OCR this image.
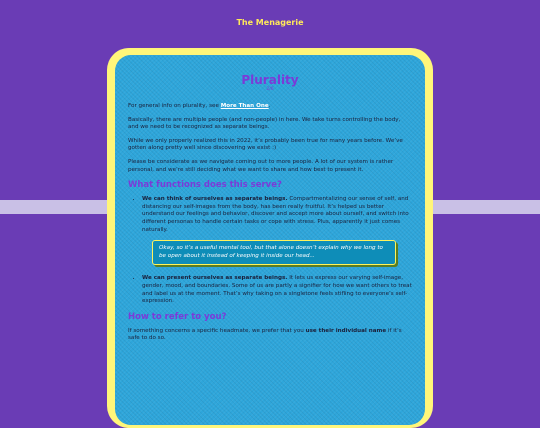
The Menagerie
Plurality
2/6

For general info on plurality, see More Than One.

Basically, there are multiple people (and non-people) in here. We take turns controlling the body, and we need to be recognized as separate beings.

While we only properly realized this in 2022, it’s probably been true for many years before. We’ve gotten along pretty well since discovering we exist :)

Please be considerate as we navigate coming out to more people. A lot of our system is rather personal, and we’re still deciding what we want to share and how best to present it.

What functions does this serve?
• We can think of ourselves as separate beings. Compartmentalizing our sense of self, and distancing our self-images from the body, has been really fruitful. It’s helped us better understand our feelings and behavior, discover and accept more about ourself, and switch into different personas to handle certain tasks or cope with stress. Plus, apparently it just comes naturally.
Okay, so it’s a useful mental tool, but that alone doesn’t explain why we long to be open about it instead of keeping it inside our head...
• We can present ourselves as separate beings. It lets us express our varying self-image, gender, mood, and boundaries. Some of us are partly a signifier for how we want others to treat and label us at the moment. That’s why taking on a singletone feels stifling to everyone’s self-expression.
How to refer to you?

If something concerns a specific headmate, we prefer that you use their individual name if it’s safe to do so.
